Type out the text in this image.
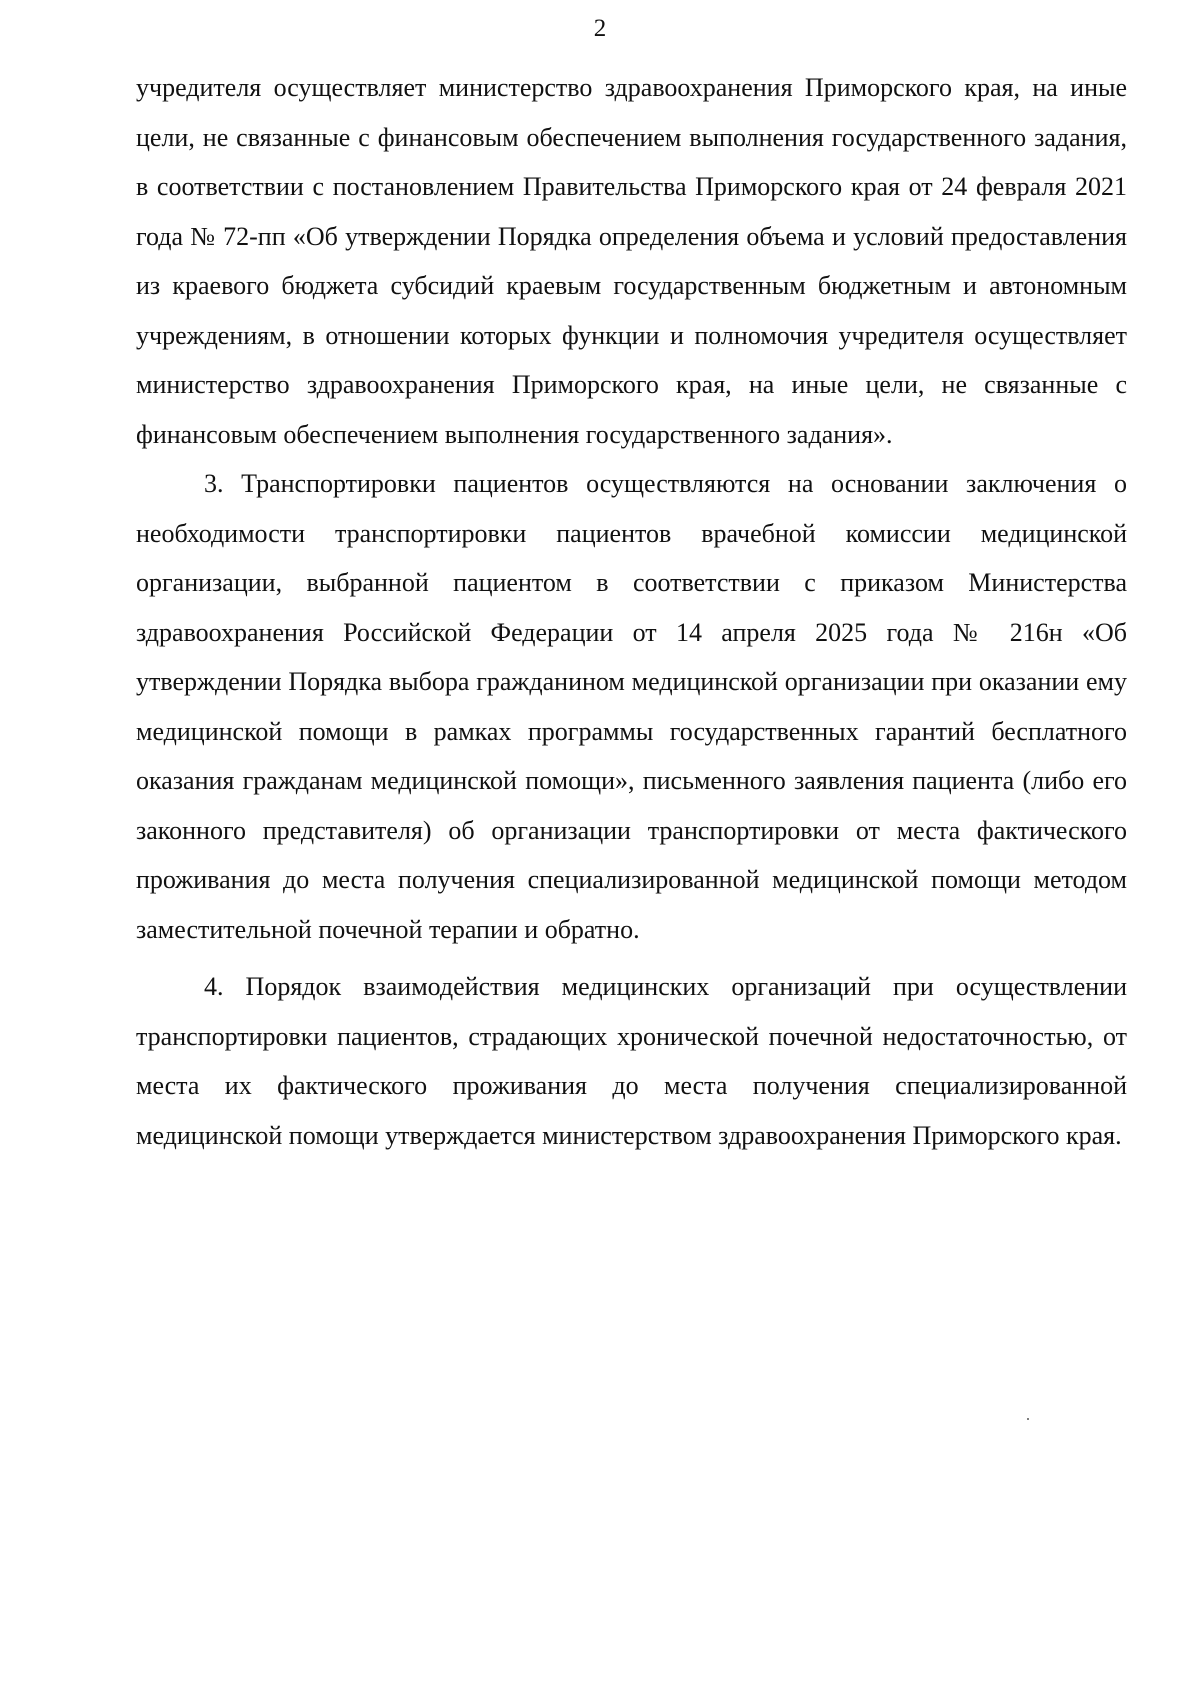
2

учредителя осуществляет министерство здравоохранения Приморского края, на иные цели, не связанные с финансовым обеспечением выполнения государственного задания, в соответствии с постановлением Правительства Приморского края от 24 февраля 2021 года № 72-пп «Об утверждении Порядка определения объема и условий предоставления из краевого бюджета субсидий краевым государственным бюджетным и автономным учреждениям, в отношении которых функции и полномочия учредителя осуществляет министерство здравоохранения Приморского края, на иные цели, не связанные с финансовым обеспечением выполнения государственного задания».

3. Транспортировки пациентов осуществляются на основании заключения о необходимости транспортировки пациентов врачебной комиссии медицинской организации, выбранной пациентом в соответствии с приказом Министерства здравоохранения Российской Федерации от 14 апреля 2025 года № 216н «Об утверждении Порядка выбора гражданином медицинской организации при оказании ему медицинской помощи в рамках программы государственных гарантий бесплатного оказания гражданам медицинской помощи», письменного заявления пациента (либо его законного представителя) об организации транспортировки от места фактического проживания до места получения специализированной медицинской помощи методом заместительной почечной терапии и обратно.

4. Порядок взаимодействия медицинских организаций при осуществлении транспортировки пациентов, страдающих хронической почечной недостаточностью, от места их фактического проживания до места получения специализированной медицинской помощи утверждается министерством здравоохранения Приморского края.
